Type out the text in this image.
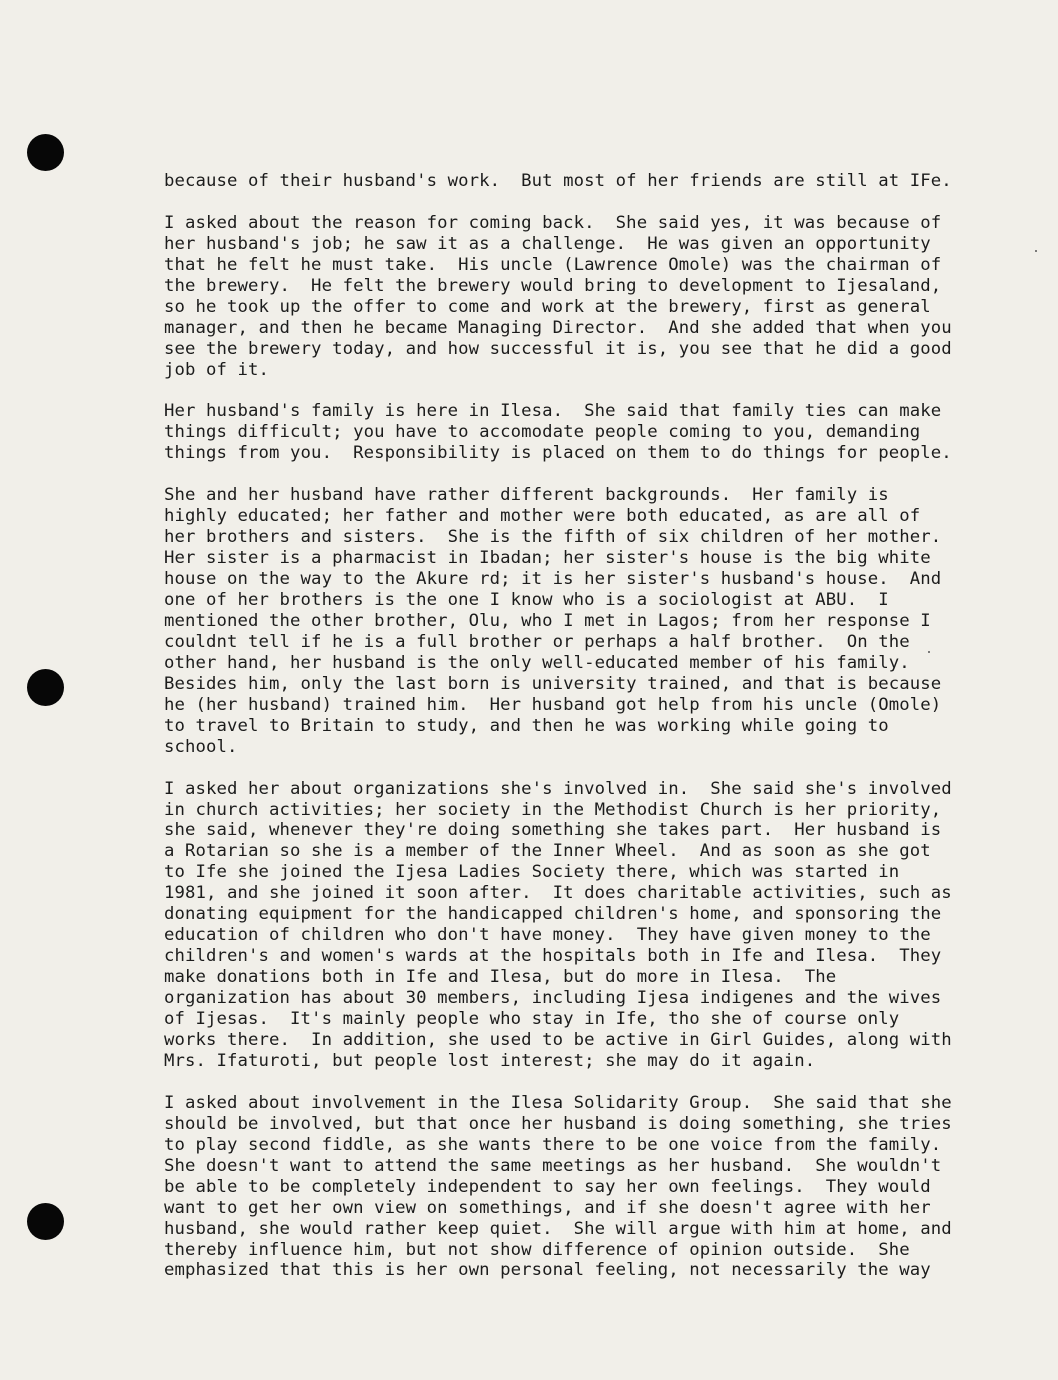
because of their husband's work.  But most of her friends are still at IFe.
I asked about the reason for coming back.  She said yes, it was because of
her husband's job; he saw it as a challenge.  He was given an opportunity
that he felt he must take.  His uncle (Lawrence Omole) was the chairman of
the brewery.  He felt the brewery would bring to development to Ijesaland,
so he took up the offer to come and work at the brewery, first as general
manager, and then he became Managing Director.  And she added that when you
see the brewery today, and how successful it is, you see that he did a good
job of it.
Her husband's family is here in Ilesa.  She said that family ties can make
things difficult; you have to accomodate people coming to you, demanding
things from you.  Responsibility is placed on them to do things for people.
She and her husband have rather different backgrounds.  Her family is
highly educated; her father and mother were both educated, as are all of
her brothers and sisters.  She is the fifth of six children of her mother.
Her sister is a pharmacist in Ibadan; her sister's house is the big white
house on the way to the Akure rd; it is her sister's husband's house.  And
one of her brothers is the one I know who is a sociologist at ABU.  I
mentioned the other brother, Olu, who I met in Lagos; from her response I
couldnt tell if he is a full brother or perhaps a half brother.  On the
other hand, her husband is the only well-educated member of his family.
Besides him, only the last born is university trained, and that is because
he (her husband) trained him.  Her husband got help from his uncle (Omole)
to travel to Britain to study, and then he was working while going to
school.
I asked her about organizations she's involved in.  She said she's involved
in church activities; her society in the Methodist Church is her priority,
she said, whenever they're doing something she takes part.  Her husband is
a Rotarian so she is a member of the Inner Wheel.  And as soon as she got
to Ife she joined the Ijesa Ladies Society there, which was started in
1981, and she joined it soon after.  It does charitable activities, such as
donating equipment for the handicapped children's home, and sponsoring the
education of children who don't have money.  They have given money to the
children's and women's wards at the hospitals both in Ife and Ilesa.  They
make donations both in Ife and Ilesa, but do more in Ilesa.  The
organization has about 30 members, including Ijesa indigenes and the wives
of Ijesas.  It's mainly people who stay in Ife, tho she of course only
works there.  In addition, she used to be active in Girl Guides, along with
Mrs. Ifaturoti, but people lost interest; she may do it again.
I asked about involvement in the Ilesa Solidarity Group.  She said that she
should be involved, but that once her husband is doing something, she tries
to play second fiddle, as she wants there to be one voice from the family.
She doesn't want to attend the same meetings as her husband.  She wouldn't
be able to be completely independent to say her own feelings.  They would
want to get her own view on somethings, and if she doesn't agree with her
husband, she would rather keep quiet.  She will argue with him at home, and
thereby influence him, but not show difference of opinion outside.  She
emphasized that this is her own personal feeling, not necessarily the way
